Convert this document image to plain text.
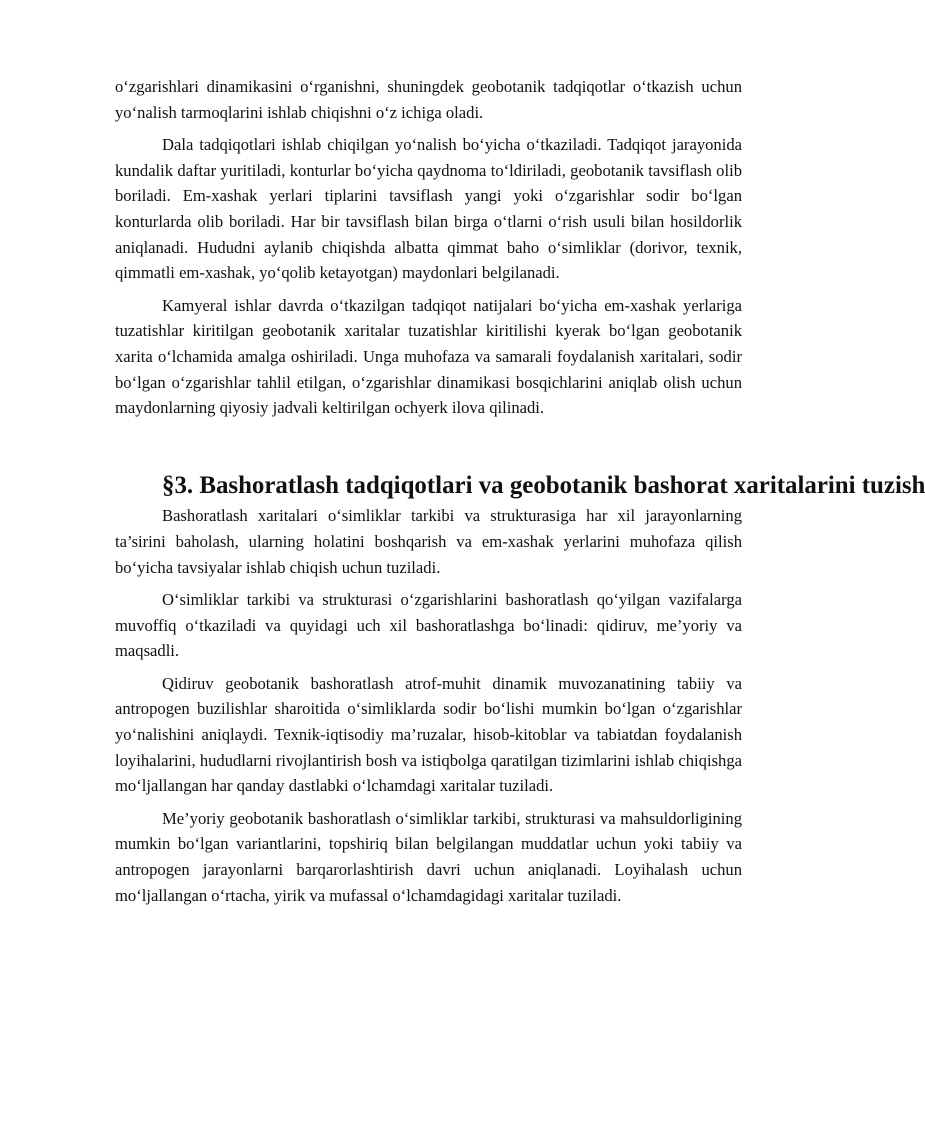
o‘zgarishlari dinamikasini o‘rganishni, shuningdek geobotanik tadqiqotlar o‘tkazish uchun yo‘nalish tarmoqlarini ishlab chiqishni o‘z ichiga oladi.

Dala tadqiqotlari ishlab chiqilgan yo‘nalish bo‘yicha o‘tkaziladi. Tadqiqot jarayonida kundalik daftar yuritiladi, konturlar bo‘yicha qaydnoma to‘ldiriladi, geobotanik tavsiflash olib boriladi. Em-xashak yerlari tiplarini tavsiflash yangi yoki o‘zgarishlar sodir bo‘lgan konturlarda olib boriladi. Har bir tavsiflash bilan birga o‘tlarni o‘rish usuli bilan hosildorlik aniqlanadi. Hududni aylanib chiqishda albatta qimmat baho o‘simliklar (dorivor, texnik, qimmatli em-xashak, yo‘qolib ketayotgan) maydonlari belgilanadi.

Kamyeral ishlar davrda o‘tkazilgan tadqiqot natijalari bo‘yicha em-xashak yerlariga tuzatishlar kiritilgan geobotanik xaritalar tuzatishlar kiritilishi kyerak bo‘lgan geobotanik xarita o‘lchamida amalga oshiriladi. Unga muhofaza va samarali foydalanish xaritalari, sodir bo‘lgan o‘zgarishlar tahlil etilgan, o‘zgarishlar dinamikasi bosqichlarini aniqlab olish uchun maydonlarning qiyosiy jadvali keltirilgan ochyerk ilova qilinadi.

§3. Bashoratlash tadqiqotlari va geobotanik bashorat xaritalarini tuzish

Bashoratlash xaritalari o‘simliklar tarkibi va strukturasiga har xil jarayonlarning ta’sirini baholash, ularning holatini boshqarish va em-xashak yerlarini muhofaza qilish bo‘yicha tavsiyalar ishlab chiqish uchun tuziladi.

O‘simliklar tarkibi va strukturasi o‘zgarishlarini bashoratlash qo‘yilgan vazifalarga muvoffiq o‘tkaziladi va quyidagi uch xil bashoratlashga bo‘linadi: qidiruv, me’yoriy va maqsadli.

Qidiruv geobotanik bashoratlash atrof-muhit dinamik muvozanatining tabiiy va antropogen buzilishlar sharoitida o‘simliklarda sodir bo‘lishi mumkin bo‘lgan o‘zgarishlar yo‘nalishini aniqlaydi. Texnik-iqtisodiy ma’ruzalar, hisob-kitoblar va tabiatdan foydalanish loyihalarini, hududlarni rivojlantirish bosh va istiqbolga qaratilgan tizimlarini ishlab chiqishga mo‘ljallangan har qanday dastlabki o‘lchamdagi xaritalar tuziladi.

Me’yoriy geobotanik bashoratlash o‘simliklar tarkibi, strukturasi va mahsuldorligining mumkin bo‘lgan variantlarini, topshiriq bilan belgilangan muddatlar uchun yoki tabiiy va antropogen jarayonlarni barqarorlashtirish davri uchun aniqlanadi. Loyihalash uchun mo‘ljallangan o‘rtacha, yirik va mufassal o‘lchamdagidagi xaritalar tuziladi.
